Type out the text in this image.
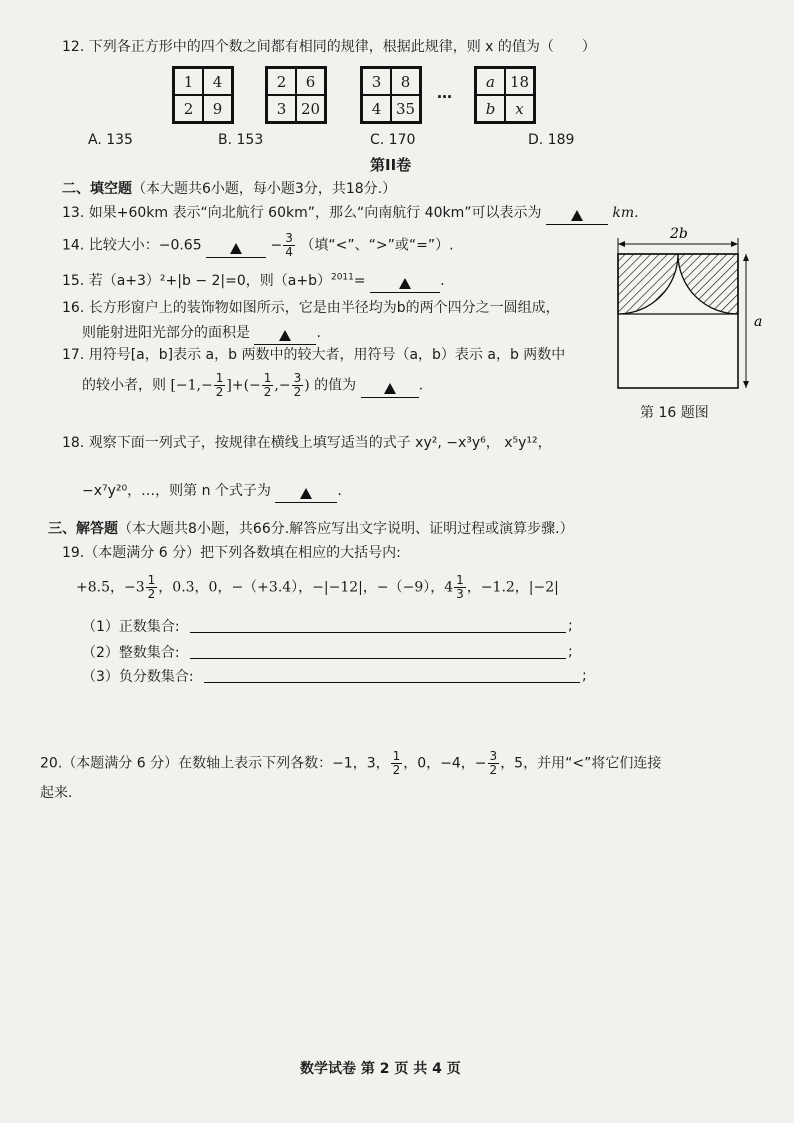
12. 下列各正方形中的四个数之间都有相同的规律，根据此规律，则 x 的值为（　　）
1	4
2	9
2	6
3 20
3	8
4 35
…
a 18
b	x
A. 135	B. 153	C. 170	D. 189
第II卷
二、填空题（本大题共6小题，每小题3分，共18分.）
13. 如果+60km 表示“向北航行 60km”，那么“向南航行 40km”可以表示为	km.
14. 比较大小：−0.65	− $\frac{3}{4}$ （填“<”、“>”或“=”）.
15. 若（a+3）²+|b − 2|=0，则$(a+b)^{2011}=$	.
16. 长方形窗户上的装饰物如图所示，它是由半径均为b的两个四分之一圆组成，
则能射进阳光部分的面积是	.
17. 用符号[a，b]表示 a，b 两数中的较大者，用符号（a，b）表示 a，b 两数中
的较小者，则 [$-1,- \frac{1}{2}$ ]+(− $\frac{1}{2}$ ,− $\frac{3}{2}$ ) 的值为	.
2b
a
第 16 题图
18. 观察下面一列式子，按规律在横线上填写适当的式子 xy², −x³y⁶， x⁵y¹²，
−x⁷y²⁰，…，则第 n 个式子为	.
三、解答题（本大题共8小题，共66分.解答应写出文字说明、证明过程或演算步骤.）
19.（本题满分 6 分）把下列各数填在相应的大括号内:
+8.5，$-3 \frac{1}{2}$ ，0.3，0，−（+3.4），−|−12|，−（−9），$4 \frac{1}{3}$ ，−1.2，|−2|
（1）正数集合:	;
（2）整数集合:	;
（3）负分数集合:	;
20.（本题满分 6 分）在数轴上表示下列各数：−1，3， $\frac{1}{2}$ ，0，−4，− $\frac{3}{2}$ ，5，并用“<”将它们连接
起来.
数学试卷 第 2 页 共 4 页
